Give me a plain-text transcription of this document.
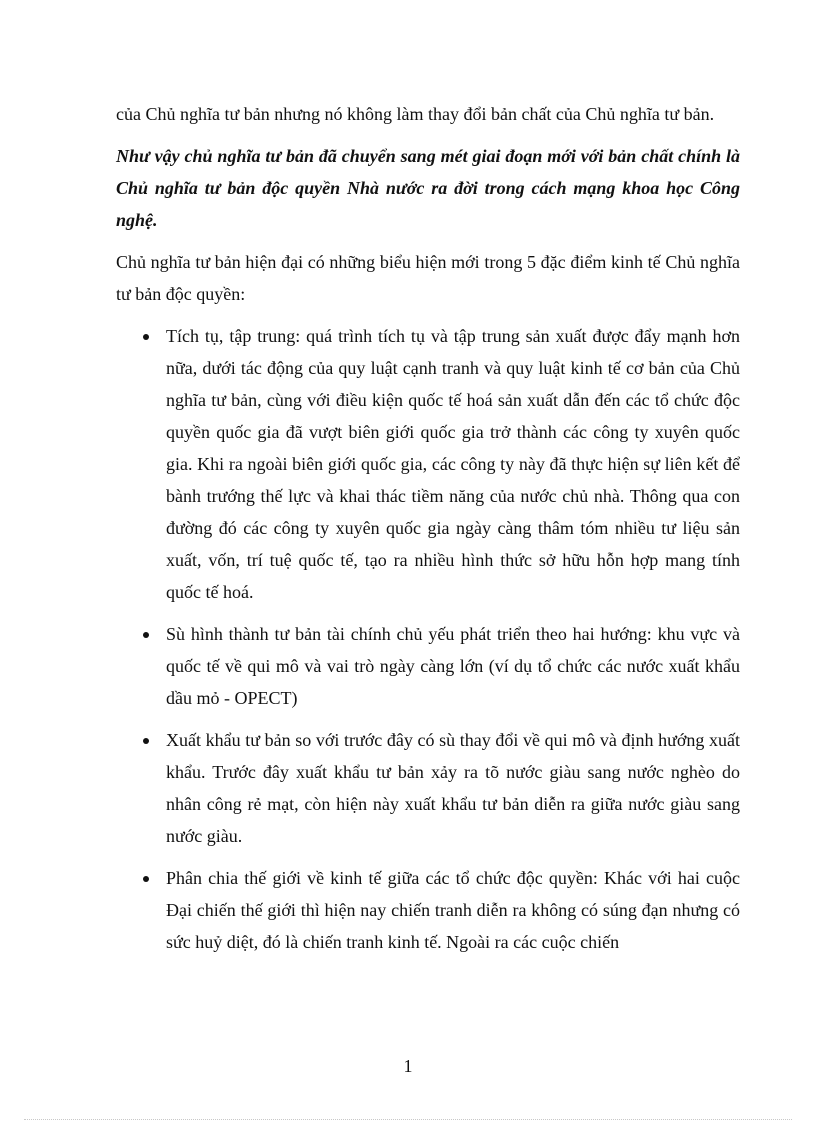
của Chủ nghĩa tư bản nhưng nó không làm thay đổi bản chất của Chủ nghĩa tư bản.

Như vậy chủ nghĩa tư bản đã chuyển sang mét giai đoạn mới với bản chất chính là Chủ nghĩa tư bản độc quyền Nhà nước ra đời trong cách mạng khoa học Công nghệ.

Chủ nghĩa tư bản hiện đại có những biểu hiện mới trong 5 đặc điểm kinh tế Chủ nghĩa tư bản độc quyền:

Tích tụ, tập trung: quá trình tích tụ và tập trung sản xuất được đẩy mạnh hơn nữa, dưới tác động của quy luật cạnh tranh và quy luật kinh tế cơ bản của Chủ nghĩa tư bản, cùng với điều kiện quốc tế hoá sản xuất dẫn đến các tổ chức độc quyền quốc gia đã vượt biên giới quốc gia trở thành các công ty xuyên quốc gia. Khi ra ngoài biên giới quốc gia, các công ty này đã thực hiện sự liên kết để bành trướng thế lực và khai thác tiềm năng của nước chủ nhà. Thông qua con đường đó các công ty xuyên quốc gia ngày càng thâm tóm nhiều tư liệu sản xuất, vốn, trí tuệ quốc tế, tạo ra nhiều hình thức sở hữu hỗn hợp mang tính quốc tế hoá.
Sù hình thành tư bản tài chính chủ yếu phát triển theo hai hướng: khu vực và quốc tế về qui mô và vai trò ngày càng lớn (ví dụ tổ chức các nước xuất khẩu dầu mỏ - OPECT)
Xuất khẩu tư bản so với trước đây có sù thay đổi về qui mô và định hướng xuất khẩu. Trước đây xuất khẩu tư bản xảy ra tõ nước giàu sang nước nghèo do nhân công rẻ mạt, còn hiện này xuất khẩu tư bản diễn ra giữa nước giàu sang nước giàu.
Phân chia thế giới về kinh tế giữa các tổ chức độc quyền: Khác với hai cuộc Đại chiến thế giới thì hiện nay chiến tranh diễn ra không có súng đạn nhưng có sức huỷ diệt, đó là chiến tranh kinh tế. Ngoài ra các cuộc chiến
1
